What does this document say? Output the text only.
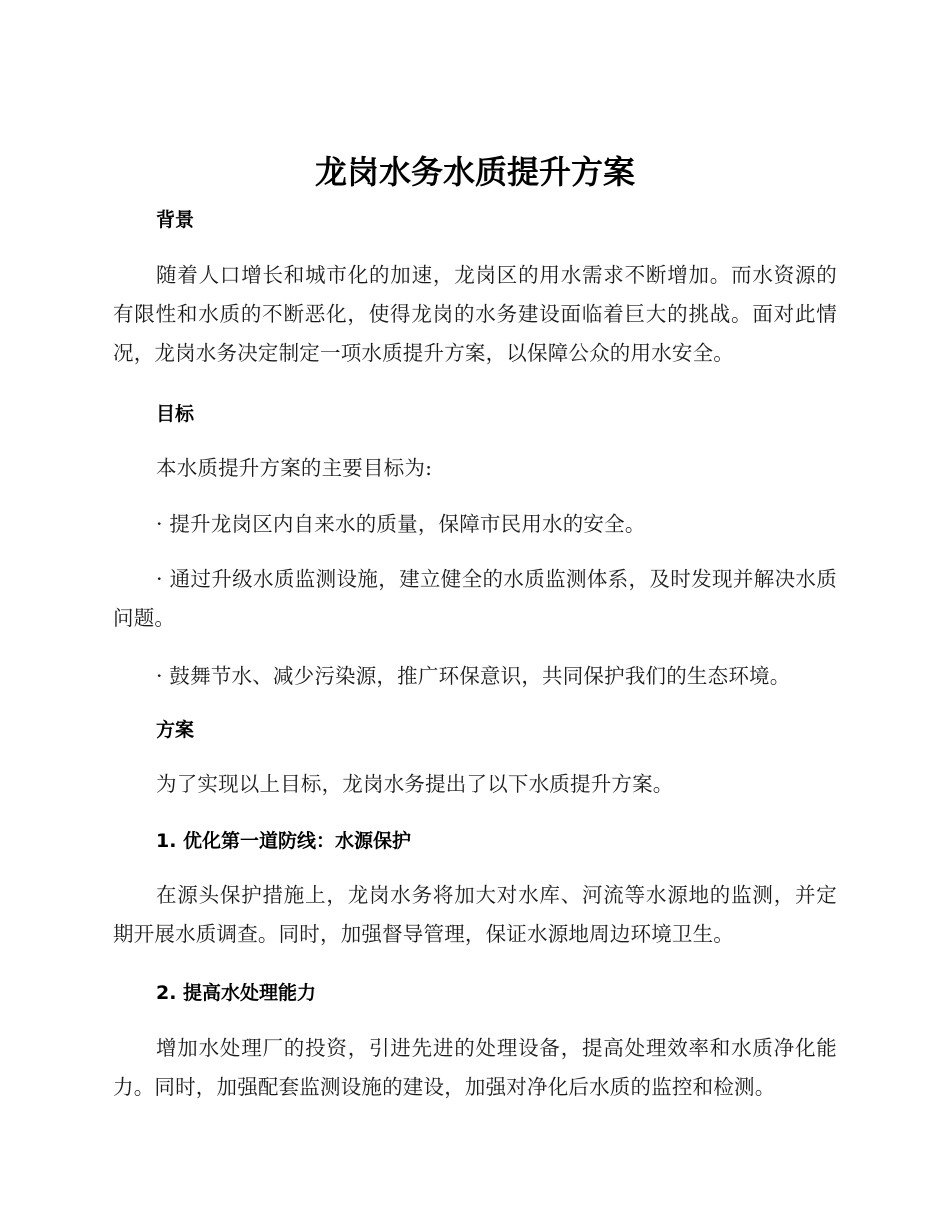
龙岗水务水质提升方案
背景

随着人口增长和城市化的加速，龙岗区的用水需求不断增加。而水资源的有限性和水质的不断恶化，使得龙岗的水务建设面临着巨大的挑战。面对此情况，龙岗水务决定制定一项水质提升方案，以保障公众的用水安全。

目标

本水质提升方案的主要目标为:

· 提升龙岗区内自来水的质量，保障市民用水的安全。

· 通过升级水质监测设施，建立健全的水质监测体系，及时发现并解决水质问题。

· 鼓舞节水、减少污染源，推广环保意识，共同保护我们的生态环境。

方案

为了实现以上目标，龙岗水务提出了以下水质提升方案。

1. 优化第一道防线：水源保护

在源头保护措施上，龙岗水务将加大对水库、河流等水源地的监测，并定期开展水质调查。同时，加强督导管理，保证水源地周边环境卫生。

2. 提高水处理能力

增加水处理厂的投资，引进先进的处理设备，提高处理效率和水质净化能力。同时，加强配套监测设施的建设，加强对净化后水质的监控和检测。
